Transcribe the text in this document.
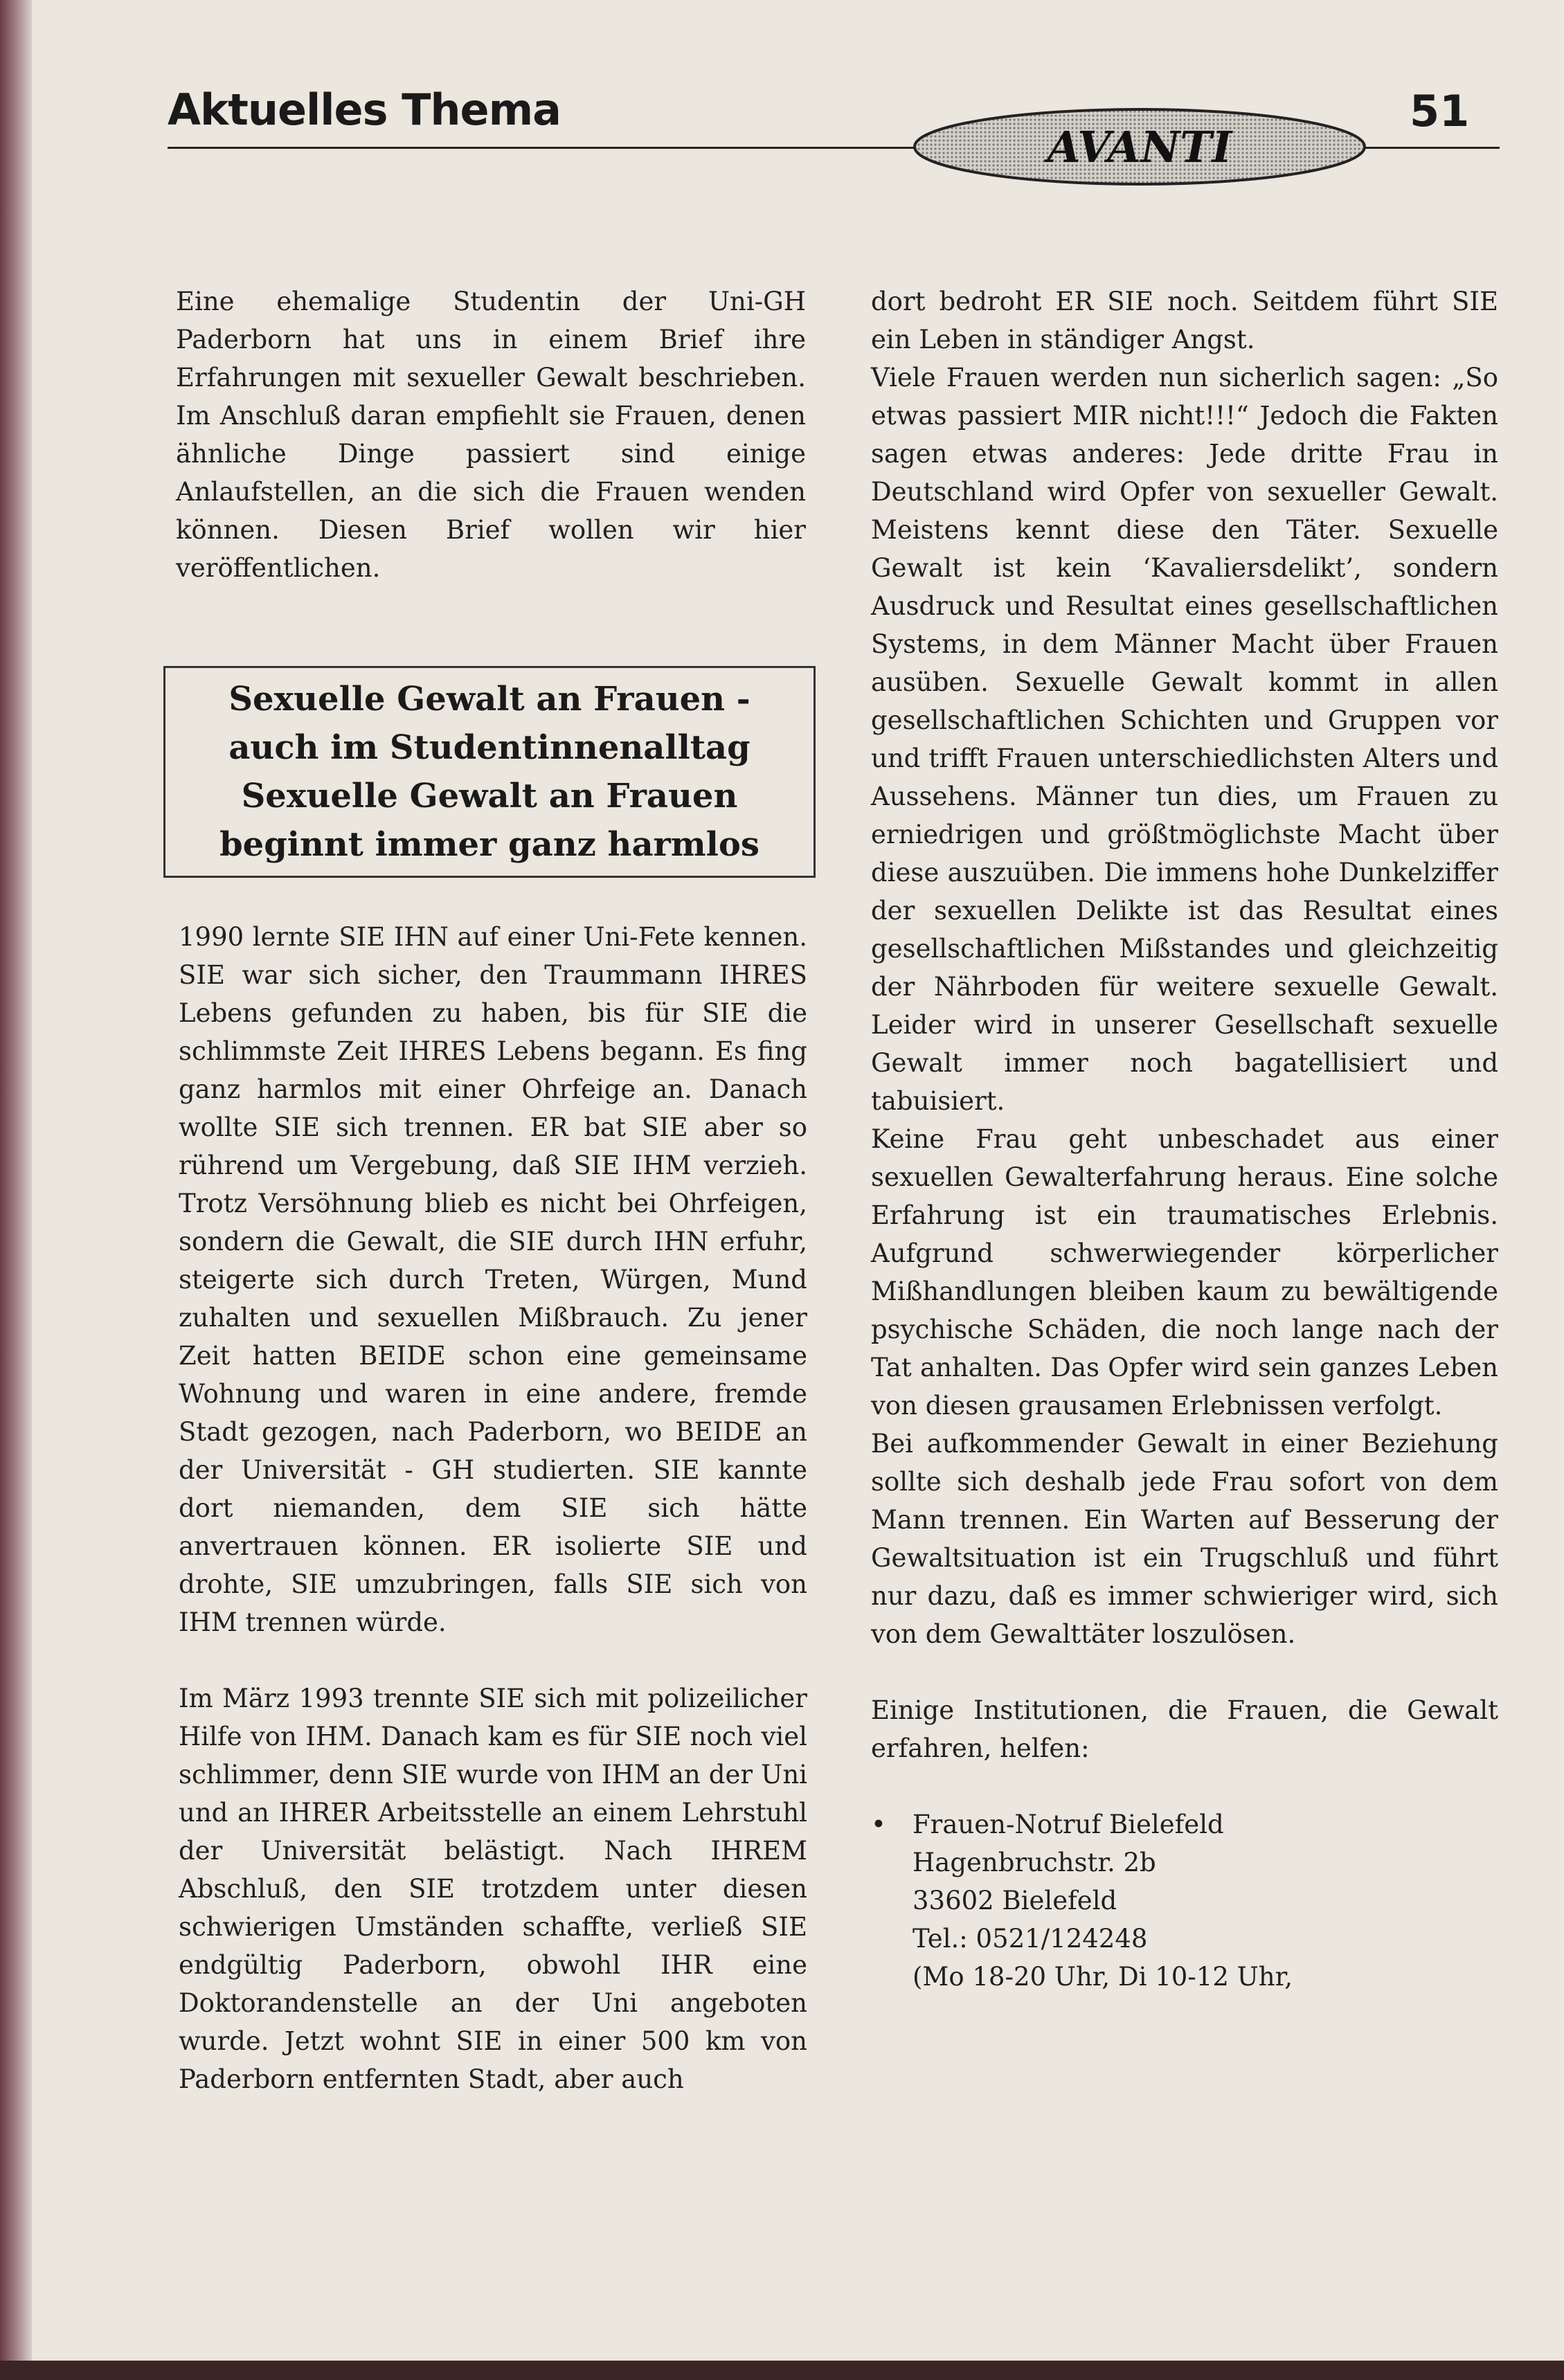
Aktuelles Thema
AVANTI
51

Eine ehemalige Studentin der Uni-GH Paderborn hat uns in einem Brief ihre Erfahrungen mit sexueller Gewalt beschrieben. Im Anschluß daran empfiehlt sie Frauen, denen ähnliche Dinge passiert sind einige Anlaufstellen, an die sich die Frauen wenden können. Diesen Brief wollen wir hier veröffentlichen.

Sexuelle Gewalt an Frauen - auch im Studentinnenalltag Sexuelle Gewalt an Frauen beginnt immer ganz harmlos

1990 lernte SIE IHN auf einer Uni-Fete kennen. SIE war sich sicher, den Traummann IHRES Lebens gefunden zu haben, bis für SIE die schlimmste Zeit IHRES Lebens begann. Es fing ganz harmlos mit einer Ohrfeige an. Danach wollte SIE sich trennen. ER bat SIE aber so rührend um Vergebung, daß SIE IHM verzieh. Trotz Versöhnung blieb es nicht bei Ohrfeigen, sondern die Gewalt, die SIE durch IHN erfuhr, steigerte sich durch Treten, Würgen, Mund zuhalten und sexuellen Mißbrauch. Zu jener Zeit hatten BEIDE schon eine gemeinsame Wohnung und waren in eine andere, fremde Stadt gezogen, nach Paderborn, wo BEIDE an der Universität - GH studierten. SIE kannte dort niemanden, dem SIE sich hätte anvertrauen können. ER isolierte SIE und drohte, SIE umzubringen, falls SIE sich von IHM trennen würde.

Im März 1993 trennte SIE sich mit polizeilicher Hilfe von IHM. Danach kam es für SIE noch viel schlimmer, denn SIE wurde von IHM an der Uni und an IHRER Arbeitsstelle an einem Lehrstuhl der Universität belästigt. Nach IHREM Abschluß, den SIE trotzdem unter diesen schwierigen Umständen schaffte, verließ SIE endgültig Paderborn, obwohl IHR eine Doktorandenstelle an der Uni angeboten wurde. Jetzt wohnt SIE in einer 500 km von Paderborn entfernten Stadt, aber auch

dort bedroht ER SIE noch. Seitdem führt SIE ein Leben in ständiger Angst.

Viele Frauen werden nun sicherlich sagen: „So etwas passiert MIR nicht!!!“ Jedoch die Fakten sagen etwas anderes: Jede dritte Frau in Deutschland wird Opfer von sexueller Gewalt. Meistens kennt diese den Täter. Sexuelle Gewalt ist kein ‘Kavaliersdelikt’, sondern Ausdruck und Resultat eines gesellschaftlichen Systems, in dem Männer Macht über Frauen ausüben. Sexuelle Gewalt kommt in allen gesellschaftlichen Schichten und Gruppen vor und trifft Frauen unterschiedlichsten Alters und Aussehens. Männer tun dies, um Frauen zu erniedrigen und größtmöglichste Macht über diese auszuüben. Die immens hohe Dunkelziffer der sexuellen Delikte ist das Resultat eines gesellschaftlichen Mißstandes und gleichzeitig der Nährboden für weitere sexuelle Gewalt. Leider wird in unserer Gesellschaft sexuelle Gewalt immer noch bagatellisiert und tabuisiert.

Keine Frau geht unbeschadet aus einer sexuellen Gewalterfahrung heraus. Eine solche Erfahrung ist ein traumatisches Erlebnis. Aufgrund schwerwiegender körperlicher Mißhandlungen bleiben kaum zu bewältigende psychische Schäden, die noch lange nach der Tat anhalten. Das Opfer wird sein ganzes Leben von diesen grausamen Erlebnissen verfolgt.

Bei aufkommender Gewalt in einer Beziehung sollte sich deshalb jede Frau sofort von dem Mann trennen. Ein Warten auf Besserung der Gewaltsituation ist ein Trugschluß und führt nur dazu, daß es immer schwieriger wird, sich von dem Gewalttäter loszulösen.

Einige Institutionen, die Frauen, die Gewalt erfahren, helfen:

• Frauen-Notruf Bielefeld
Hagenbruchstr. 2b
33602 Bielefeld
Tel.: 0521/124248
(Mo 18-20 Uhr, Di 10-12 Uhr,
